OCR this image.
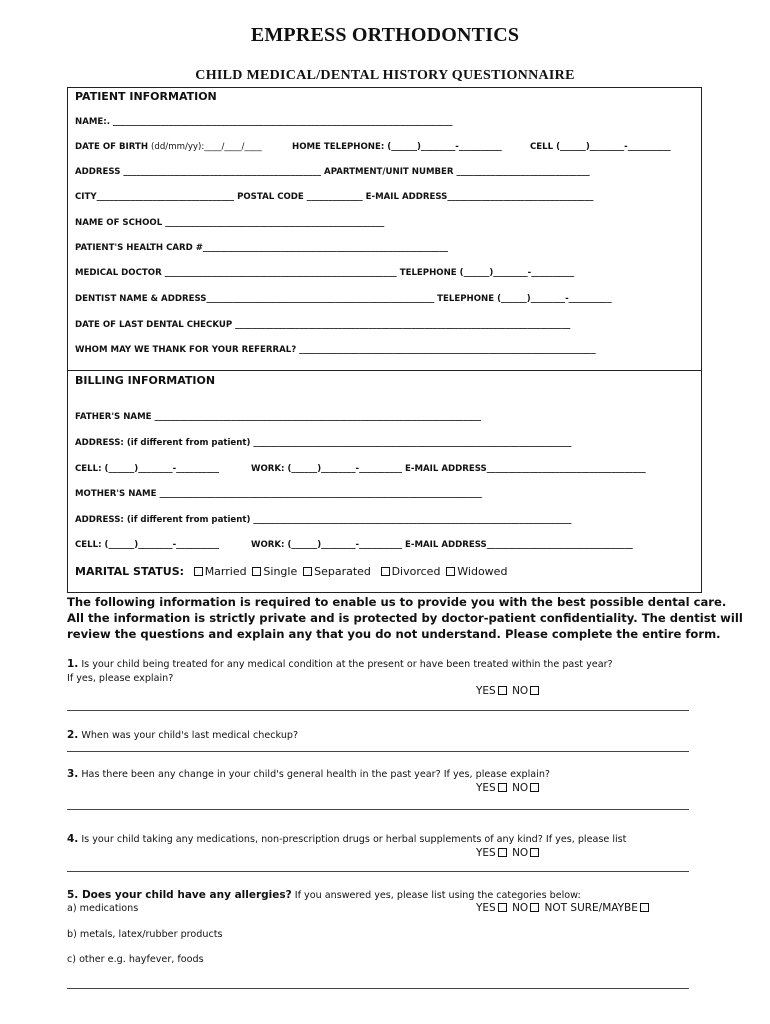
EMPRESS ORTHODONTICS
CHILD MEDICAL/DENTAL HISTORY QUESTIONNAIRE
PATIENT INFORMATION
NAME:. _______________________________________________________________________________
DATE OF BIRTH (dd/mm/yy):____/____/____	HOME TELEPHONE: (______)________-__________	CELL (______)________-__________
ADDRESS ______________________________________________ APARTMENT/UNIT NUMBER _______________________________
CITY________________________________ POSTAL CODE _____________ E-MAIL ADDRESS__________________________________
NAME OF SCHOOL ___________________________________________________
PATIENT'S HEALTH CARD #_________________________________________________________
MEDICAL DOCTOR ______________________________________________________ TELEPHONE (______)________-__________
DENTIST NAME & ADDRESS_____________________________________________________ TELEPHONE (______)________-__________
DATE OF LAST DENTAL CHECKUP ______________________________________________________________________________
WHOM MAY WE THANK FOR YOUR REFERRAL? _____________________________________________________________________
BILLING INFORMATION
FATHER'S NAME ____________________________________________________________________________
ADDRESS: (if different from patient) __________________________________________________________________________
CELL: (______)________-__________	WORK: (______)________-__________ E-MAIL ADDRESS_____________________________________
MOTHER'S NAME ___________________________________________________________________________
ADDRESS: (if different from patient) __________________________________________________________________________
CELL: (______)________-__________	WORK: (______)________-__________ E-MAIL ADDRESS__________________________________
MARITAL STATUS: Married Single Separated Divorced Widowed
The following information is required to enable us to provide you with the best possible dental care.
All the information is strictly private and is protected by doctor-patient confidentiality. The dentist will
review the questions and explain any that you do not understand. Please complete the entire form.
1. Is your child being treated for any medical condition at the present or have been treated within the past year?
If yes, please explain?
YES NO
2. When was your child's last medical checkup?
3. Has there been any change in your child's general health in the past year? If yes, please explain?
YES NO
4. Is your child taking any medications, non-prescription drugs or herbal supplements of any kind? If yes, please list
YES NO
5. Does your child have any allergies? If you answered yes, please list using the categories below:
a) medications	YES NO NOT SURE/MAYBE
b) metals, latex/rubber products
c) other e.g. hayfever, foods
